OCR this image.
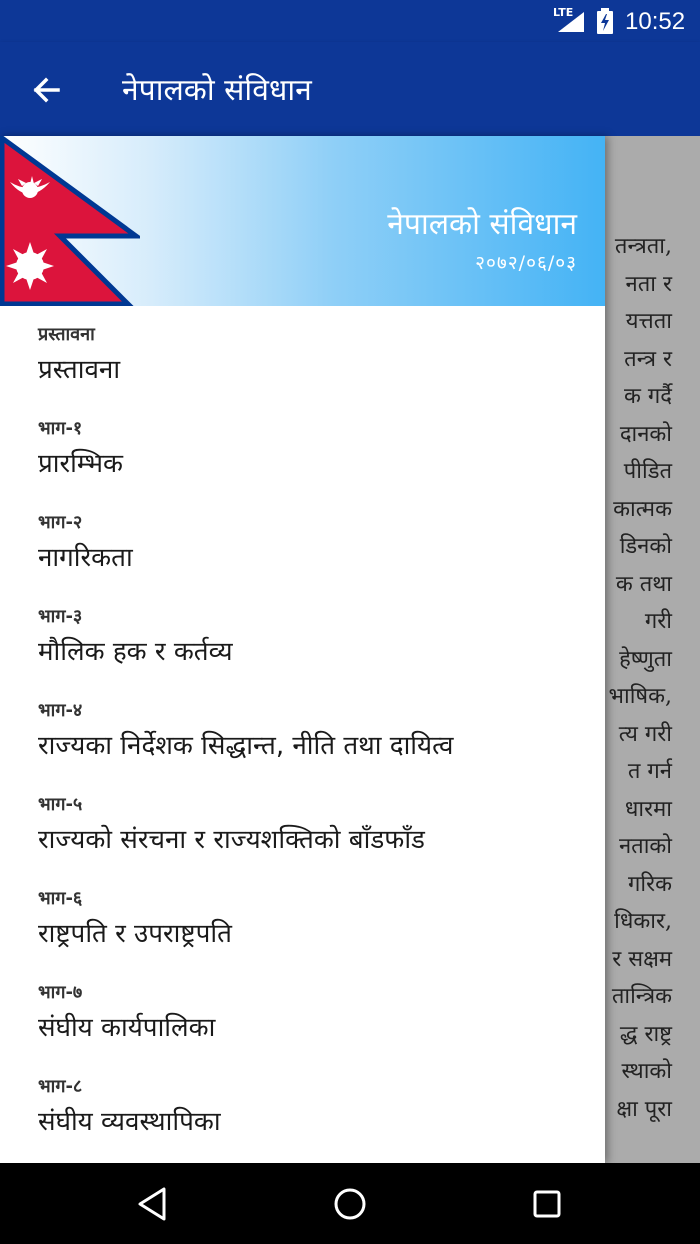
LTE 10:52
नेपालको संविधान
तन्त्रता,
नता र
यत्तता
तन्त्र र
क गर्दै
दानको
पीडित
कात्मक
डिनको
क तथा
गरी
हेष्णुता
भाषिक,
त्य गरी
त गर्न
धारमा
नताको
गरिक
धिकार,
र सक्षम
तान्त्रिक
द्ध राष्ट्र
स्थाको
क्षा पूरा
नेपालको संविधान
२०७२/०६/०३
प्रस्तावना
प्रस्तावना
भाग-१
प्रारम्भिक
भाग-२
नागरिकता
भाग-३
मौलिक हक र कर्तव्य
भाग-४
राज्यका निर्देशक सिद्धान्त, नीति तथा दायित्व
भाग-५
राज्यको संरचना र राज्यशक्तिको बाँडफाँड
भाग-६
राष्ट्रपति र उपराष्ट्रपति
भाग-७
संघीय कार्यपालिका
भाग-८
संघीय व्यवस्थापिका
